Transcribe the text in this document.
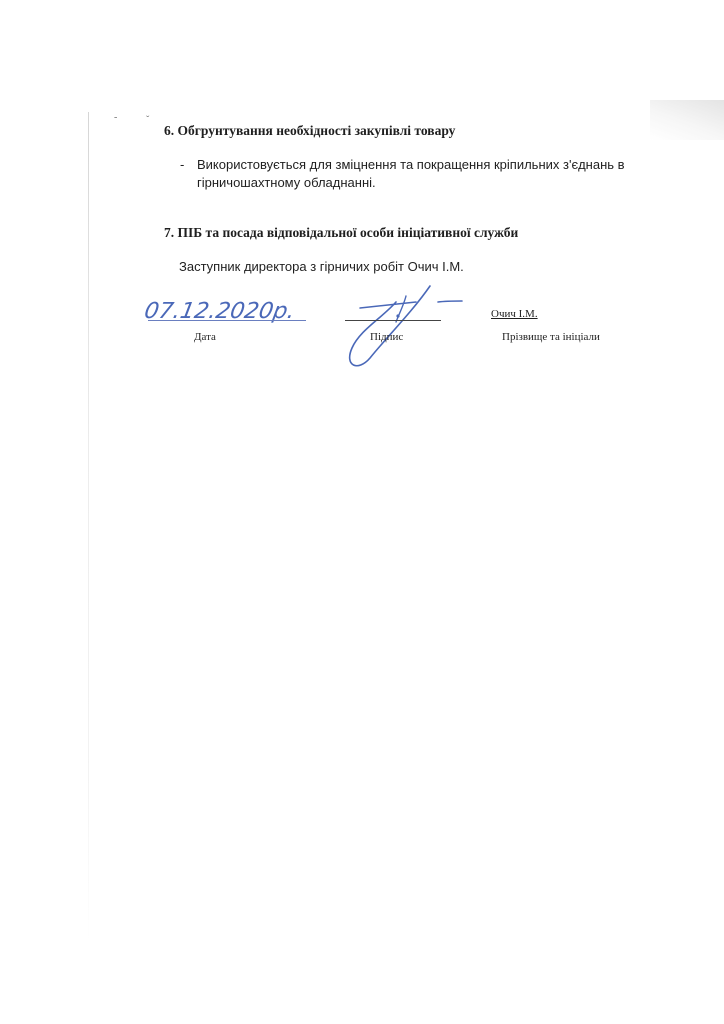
-	ˇ
6. Обгрунтування необхідності закупівлі товару
- Використовується для зміцнення та покращення кріпильних з'єднань в
гірничошахтному обладнанні.
7. ПІБ та посада відповідальної особи ініціативної служби
Заступник директора з гірничих робіт Очич І.М.
07.12.2020р.
Дата	Підпис
Очич І.М.
Прізвище та ініціали
